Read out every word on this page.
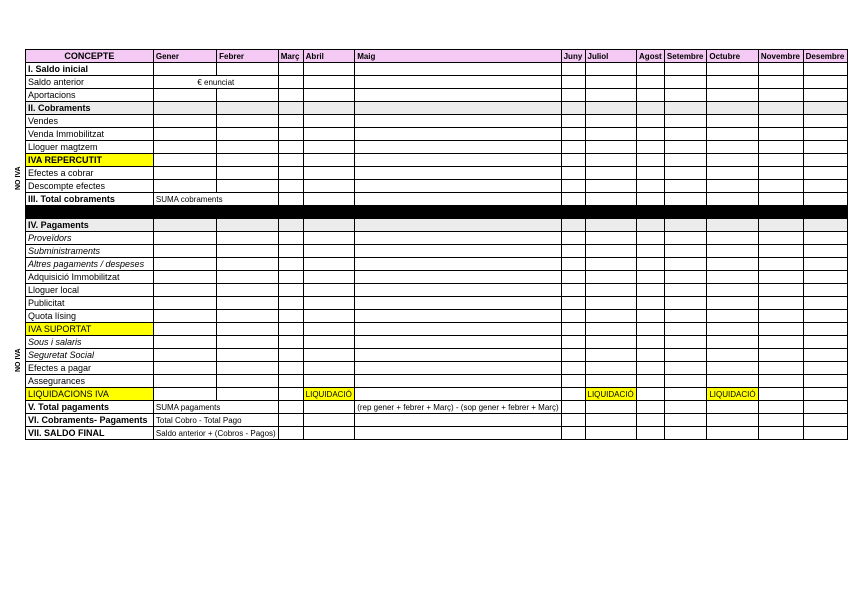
CONCEPTE	Gener	Febrer	Març	Abril	Maig	Juny	Juliol	Agost	Setembre	Octubre	Novembre	Desembre
I. Saldo inicial												
Saldo anterior	€ enunciat											
Aportacions												
II. Cobraments												
Vendes												
Venda Immobilitzat												
Lloguer magtzem												
IVA REPERCUTIT												
Efectes a cobrar												
Descompte efectes												
III. Total cobraments	SUMA cobraments											

IV. Pagaments												
Proveïdors												
Subministraments												
Altres pagaments / despeses												
Adquisició Immobilitzat												
Lloguer local												
Publicitat												
Quota lísing												
IVA SUPORTAT												
Sous i salaris												
Seguretat Social												
Efectes a pagar												
Assegurances												
LIQUIDACIONS IVA				LIQUIDACIÓ			LIQUIDACIÓ			LIQUIDACIÓ		
V. Total pagaments	SUMA pagaments				(rep gener + febrer + Març) - (sop gener + febrer + Març)							
VI. Cobraments- Pagaments	Total Cobro - Total Pago											
VII. SALDO FINAL	Saldo anterior + (Cobros - Pagos)											
NO IVA
NO IVA
